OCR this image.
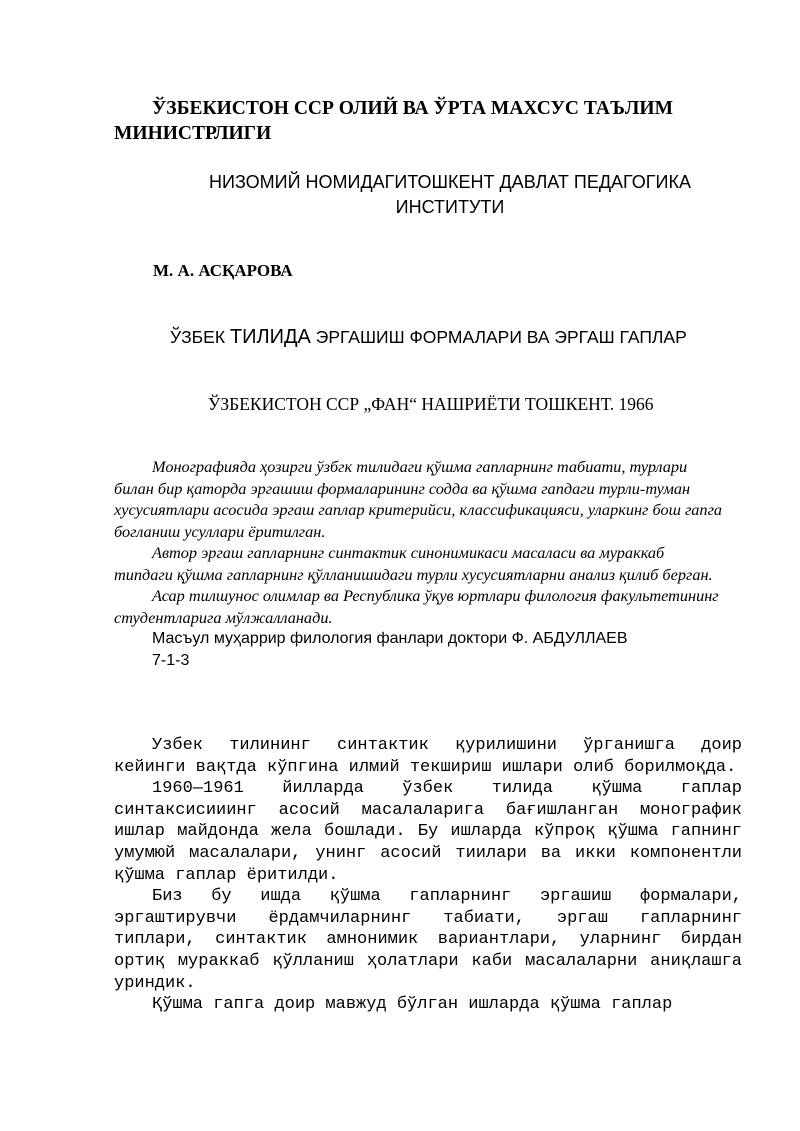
ЎЗБЕКИСТОН ССР ОЛИЙ ВА ЎРТА МАХСУС ТАЪЛИМ МИНИСТРЛИГИ

НИЗОМИЙ НОМИДАГИТОШКЕНТ ДАВЛАТ ПЕДАГОГИКА
ИНСТИТУТИ

М. А. АСҚАРОВА

ЎЗБЕК ТИЛИДА ЭРГАШИШ ФОРМАЛАРИ ВА ЭРГАШ ГАПЛАР

ЎЗБЕКИСТОН ССР „ФАН“ НАШРИЁТИ ТОШКЕНТ. 1966

Монографияда ҳозирги ўзбгк тилидаги қўшма гапларнинг табиати, турлари билан бир қаторда эргашиш формаларининг содда ва қўшма гапдаги турли-туман хусусиятлари асосида эргаш гаплар критерийси, классификацияси, уларкинг бош гапга богланиш усуллари ёритилган.

Автор эргаш гапларнинг синтактик синонимикаси масаласи ва мураккаб типдаги қўшма гапларнинг қўлланишидаги турли хусусиятларни анализ қилиб берган.

Асар тилшунос олимлар ва Республика ўқув юртлари филология факультетининг студентларига мўлжалланади.

Масъул муҳаррир филология фанлари доктори Ф. АБДУЛЛАЕВ

7-1-3

Узбек тилининг синтактик қурилишини ўрганишга доир кейинги вақтда кўпгина илмий текшириш ишлари олиб борилмоқда.

1960—1961 йилларда ўзбек тилида қўшма гаплар синтаксисииинг асосий масалаларига бағишланган монографик ишлар майдонда жела бошлади. Бу ишларда кўпроқ қўшма гапнинг умумюй масалалари, унинг асосий тиилари ва икки компонентли қўшма гаплар ёритилди.

Биз бу ишда қўшма гапларнинг эргашиш формалари, эргаштирувчи ёрдамчиларнинг табиати, эргаш гапларнинг типлари, синтактик амнонимик вариантлари, уларнинг бирдан ортиқ мураккаб қўлланиш ҳолатлари каби масалаларни аниқлашга уриндик.

Қўшма гапга доир мавжуд бўлган ишларда қўшма гаплар
